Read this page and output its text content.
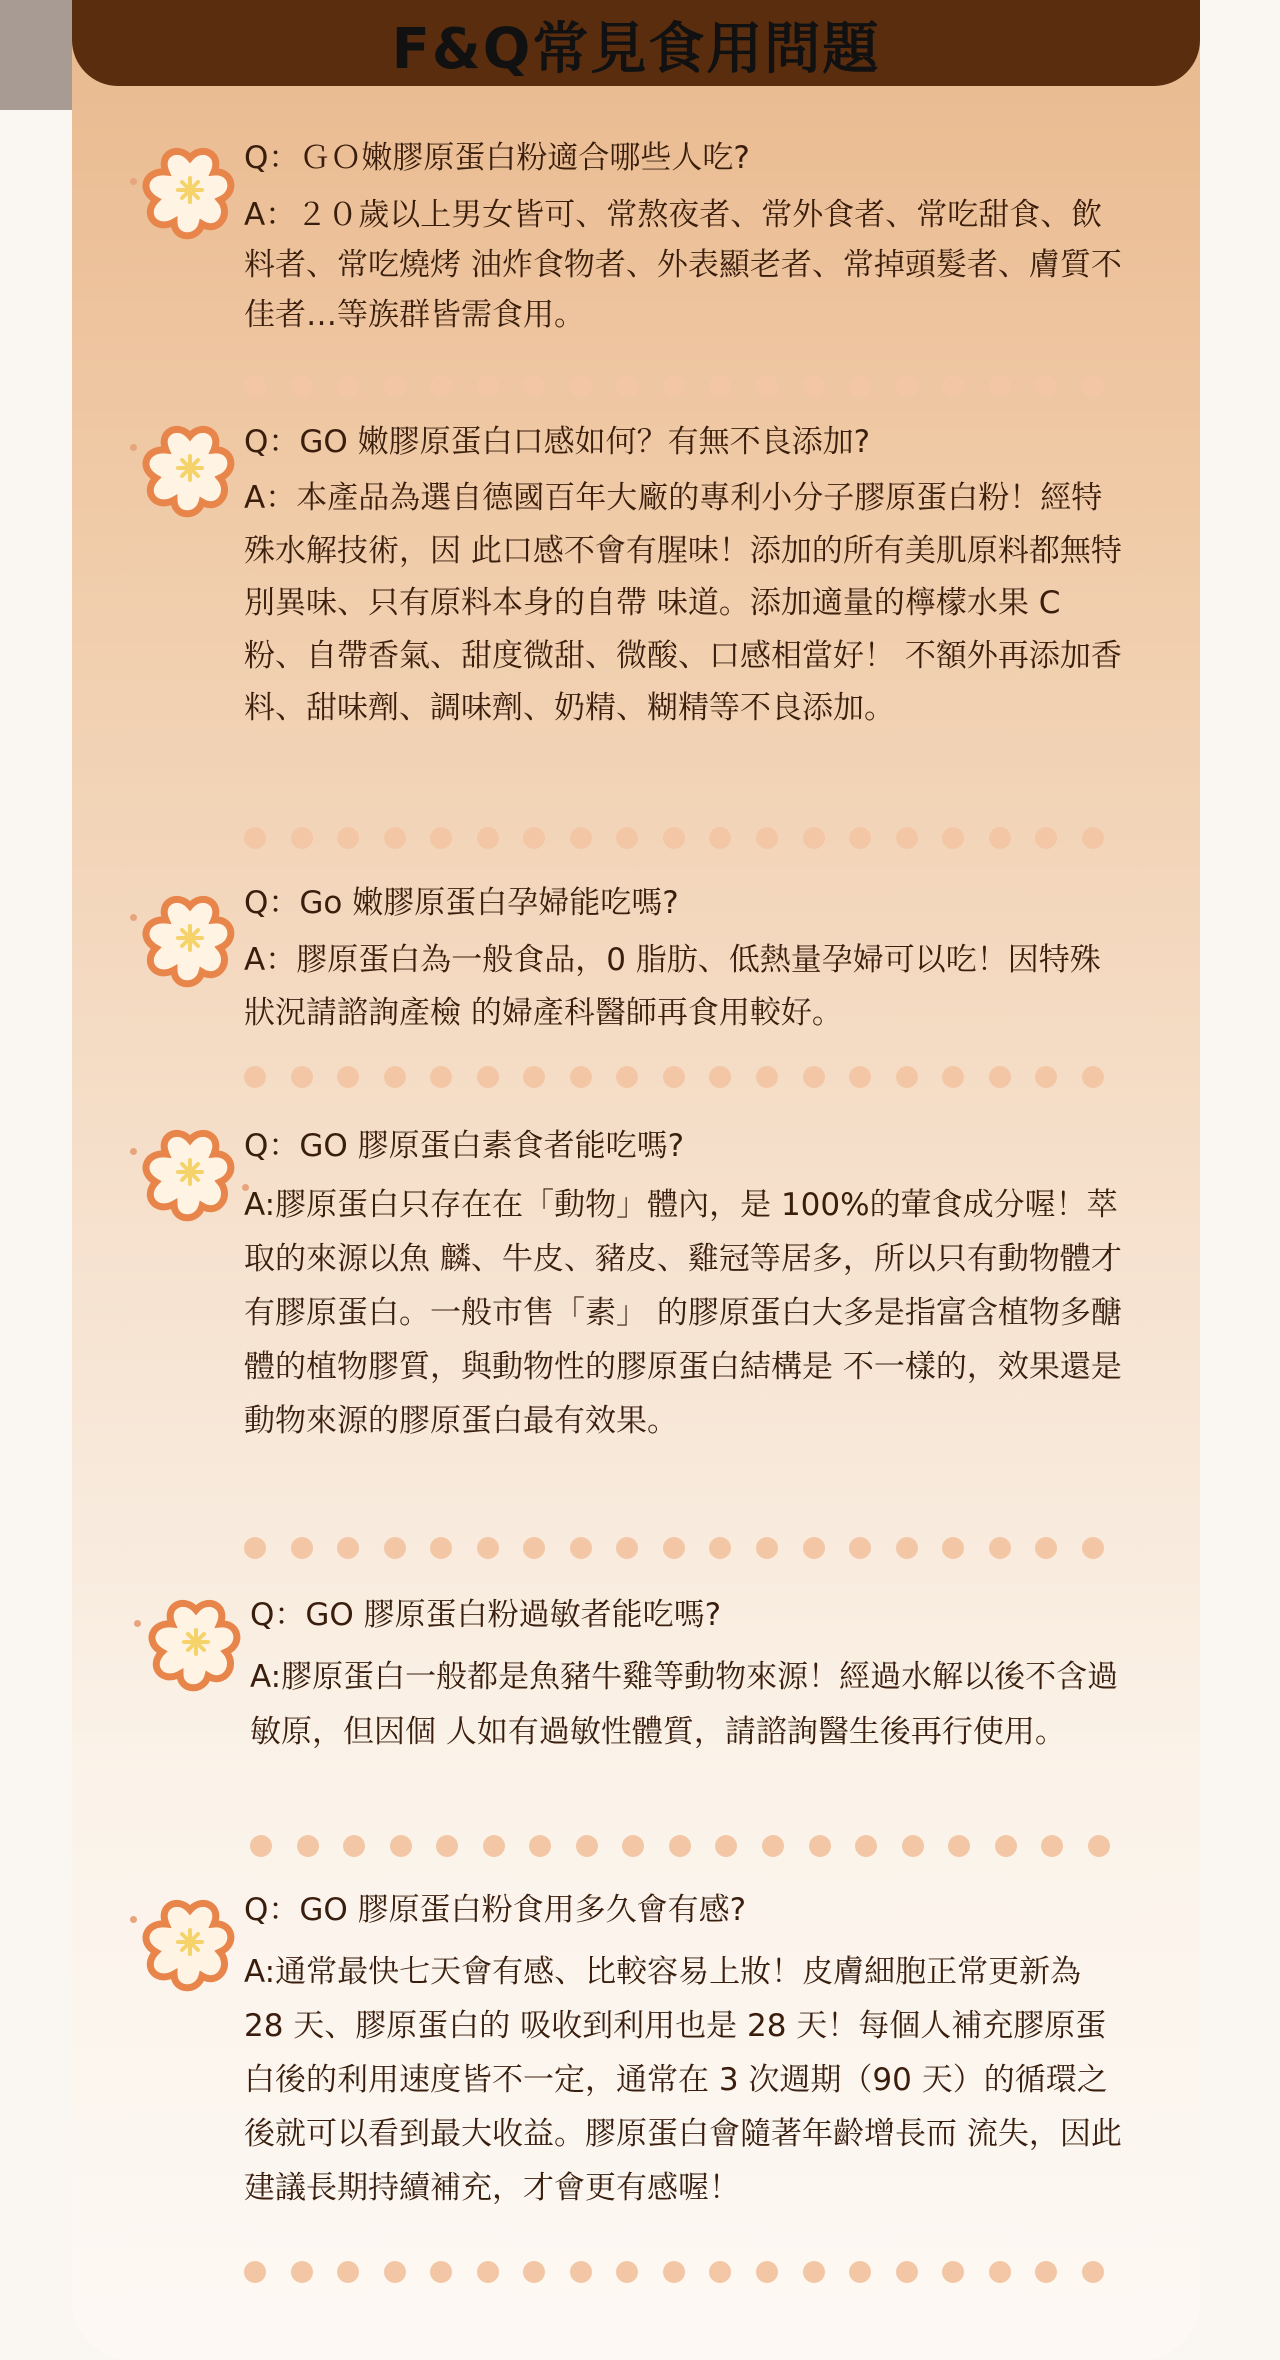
F&Q常見食用問題
Q：ＧＯ嫩膠原蛋白粉適合哪些人吃?
A：２０歲以上男女皆可、常熬夜者、常外食者、常吃甜食、飲料者、常吃燒烤 油炸食物者、外表顯老者、常掉頭髮者、膚質不佳者…等族群皆需食用。
Q：GO 嫩膠原蛋白口感如何？有無不良添加?
A：本產品為選自德國百年大廠的專利小分子膠原蛋白粉！經特殊水解技術，因 此口感不會有腥味！添加的所有美肌原料都無特別異味、只有原料本身的自帶 味道。添加適量的檸檬水果 C 粉、自帶香氣、甜度微甜、微酸、口感相當好！ 不額外再添加香料、甜味劑、調味劑、奶精、糊精等不良添加。
Q：Go 嫩膠原蛋白孕婦能吃嗎?
A：膠原蛋白為一般食品，0 脂肪、低熱量孕婦可以吃！因特殊狀況請諮詢產檢 的婦產科醫師再食用較好。
Q：GO 膠原蛋白素食者能吃嗎?
A:膠原蛋白只存在在「動物」體內，是 100%的葷食成分喔！萃取的來源以魚 麟、牛皮、豬皮、雞冠等居多，所以只有動物體才有膠原蛋白。一般市售「素」 的膠原蛋白大多是指富含植物多醣體的植物膠質，與動物性的膠原蛋白結構是 不一樣的，效果還是動物來源的膠原蛋白最有效果。
Q：GO 膠原蛋白粉過敏者能吃嗎?
A:膠原蛋白一般都是魚豬牛雞等動物來源！經過水解以後不含過敏原，但因個 人如有過敏性體質，請諮詢醫生後再行使用。
Q：GO 膠原蛋白粉食用多久會有感?
A:通常最快七天會有感、比較容易上妝！皮膚細胞正常更新為 28 天、膠原蛋白的 吸收到利用也是 28 天！每個人補充膠原蛋白後的利用速度皆不一定，通常在 3 次週期（90 天）的循環之後就可以看到最大收益。膠原蛋白會隨著年齡增長而 流失，因此建議長期持續補充，才會更有感喔！
